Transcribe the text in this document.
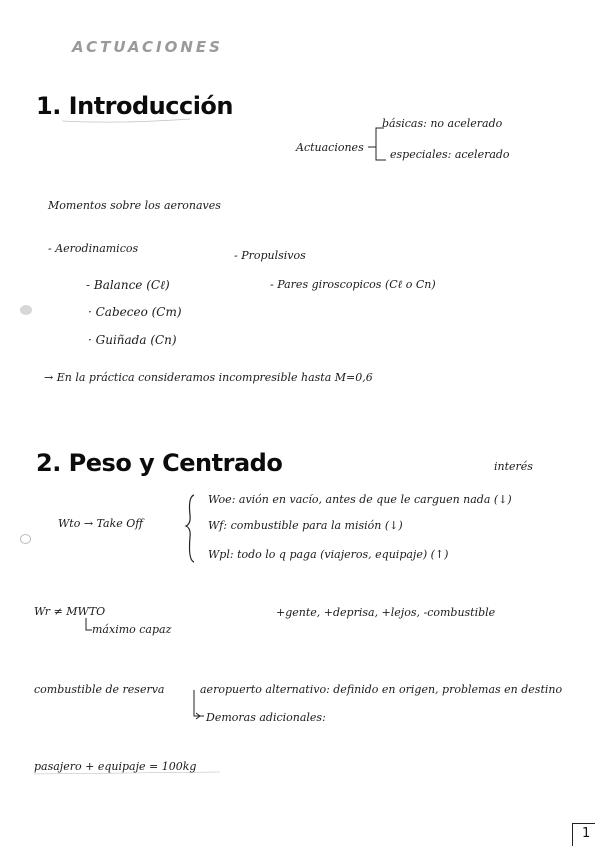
ACTUACIONES
1. Introducción
Actuaciones
básicas: no acelerado
especiales: acelerado
Momentos sobre los aeronaves
- Aerodinamicos
- Propulsivos
- Balance (Cℓ)	- Pares giroscopicos (Cℓ o Cn)
· Cabeceo (Cm)
· Guiñada (Cn)
→ En la práctica consideramos incompresible hasta M=0,6
2. Peso y Centrado	interés
Wto → Take Off
Woe: avión en vacío, antes de que le carguen nada (↓)
Wf: combustible para la misión (↓)
Wpl: todo lo q paga (viajeros, equipaje) (↑)
Wr ≠ MWTO
máximo capaz
+gente, +deprisa, +lejos, -combustible
combustible de reserva	aeropuerto alternativo: definido en origen, problemas en destino
Demoras adicionales:
pasajero + equipaje = 100kg
1
